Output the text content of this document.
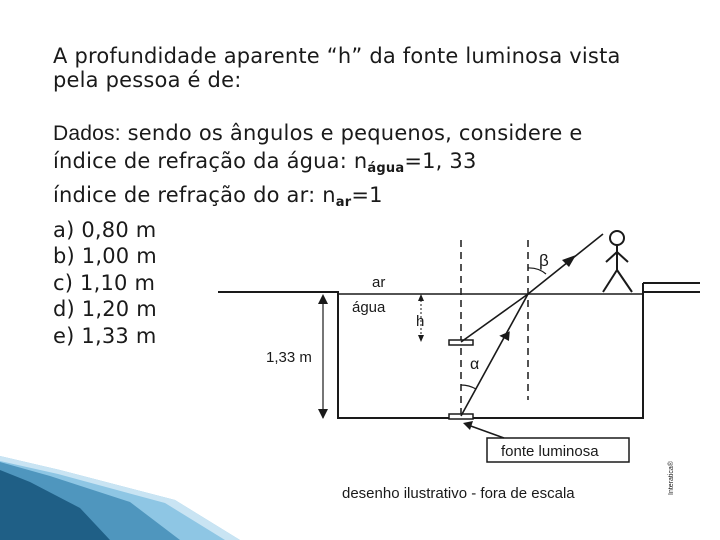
A profundidade aparente “h” da fonte luminosa vista
pela pessoa é de:
Dados: sendo os ângulos e pequenos, considere e
índice de refração da água: $n_{água}=1$, 33
índice de refração do ar: $n_{ar}=1$
a) 0,80 m
b) 1,00 m
c) 1,10 m
d) 1,20 m
e) 1,33 m
1,33 m
h
α
β
ar
água
fonte luminosa
desenho ilustrativo - fora de escala	Interatica®
